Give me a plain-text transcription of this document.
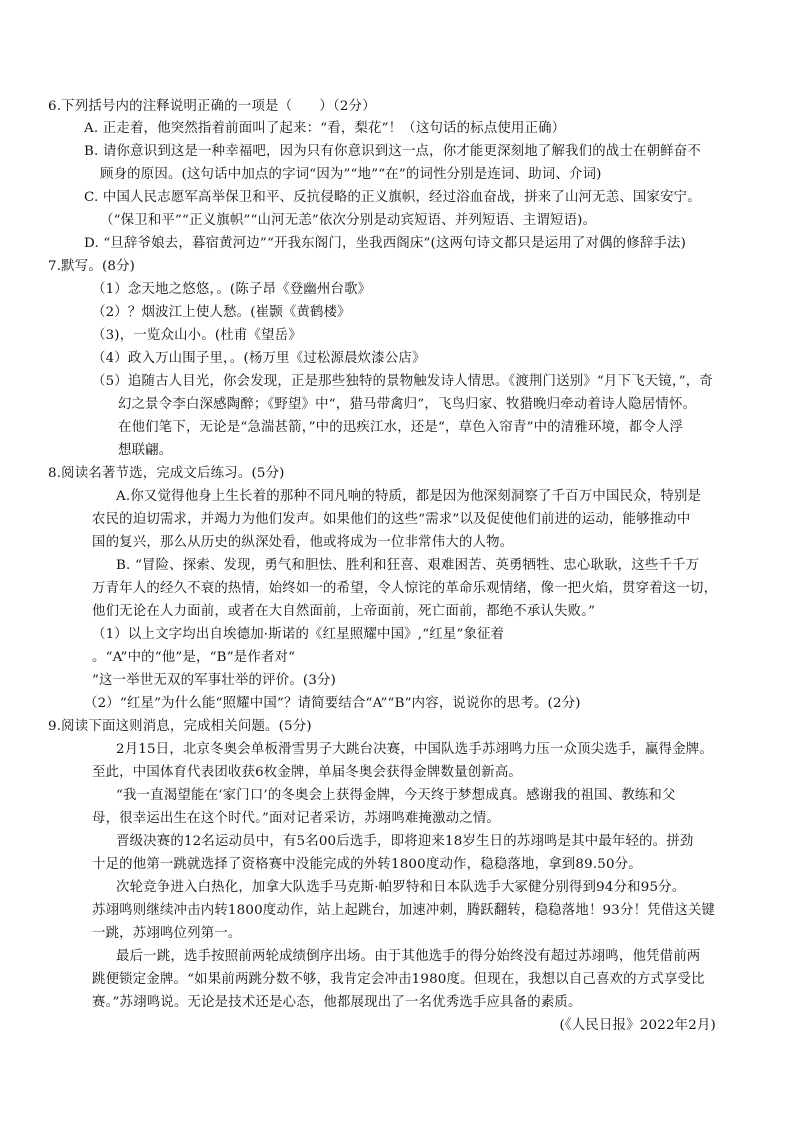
6.下列括号内的注释说明正确的一项是（　　）（2分）
A. 正走着，他突然指着前面叫了起来：“看，梨花”！（这句话的标点使用正确）
B. 请你意识到这是一种幸福吧，因为只有你意识到这一点，你才能更深刻地了解我们的战士在朝鲜奋不
顾身的原因。(这句话中加点的字词“因为”“地”“在”的词性分别是连词、助词、介词)
C. 中国人民志愿军高举保卫和平、反抗侵略的正义旗帜，经过浴血奋战，拼来了山河无恙、国家安宁。
（“保卫和平”“正义旗帜”“山河无恙”依次分别是动宾短语、并列短语、主谓短语)。
D. “旦辞爷娘去，暮宿黄河边”“开我东阁门，坐我西阁床”(这两句诗文都只是运用了对偶的修辞手法)
7.默写。(8分)
（1）念天地之悠悠，。(陈子昂《登幽州台歌》
（2）？烟波江上使人愁。(崔颢《黄鹤楼》
（3)，一览众山小。(杜甫《望岳》
（4）政入万山围子里，。(杨万里《过松源晨炊漆公店》
（5）追随古人目光，你会发现，正是那些独特的景物触发诗人情思。《渡荆门送别》“月下飞天镜，”，奇
幻之景令李白深感陶醉；《野望》中“，猎马带禽归”，飞鸟归家、牧猎晚归牵动着诗人隐居情怀。
在他们笔下，无论是“急湍甚箭，”中的迅疾江水，还是“，草色入帘青”中的清雅环境，都令人浮
想联翩。
8.阅读名著节选，完成文后练习。(5分)
A.你又觉得他身上生长着的那种不同凡响的特质，都是因为他深刻洞察了千百万中国民众，特别是
农民的迫切需求，并竭力为他们发声。如果他们的这些“需求”以及促使他们前进的运动，能够推动中
国的复兴，那么从历史的纵深处看，他或将成为一位非常伟大的人物。
B. “冒险、探索、发现，勇气和胆怯、胜利和狂喜、艰难困苦、英勇牺牲、忠心耿耿，这些千千万
万青年人的经久不衰的热情，始终如一的希望，令人惊诧的革命乐观情绪，像一把火焰，贯穿着这一切，
他们无论在人力面前，或者在大自然面前，上帝面前，死亡面前，都绝不承认失败。”
（1）以上文字均出自埃德加·斯诺的《红星照耀中国》,“红星”象征着
。“A”中的“他”是，“B”是作者对“
”这一举世无双的军事壮举的评价。(3分)
（2）“红星”为什么能“照耀中国”？请简要结合“A”“B”内容，说说你的思考。(2分)
9.阅读下面这则消息，完成相关问题。(5分)
2月15日，北京冬奥会单板滑雪男子大跳台决赛，中国队选手苏翊鸣力压一众顶尖选手，赢得金牌。
至此，中国体育代表团收获6枚金牌，单届冬奥会获得金牌数量创新高。
“我一直渴望能在‘家门口’的冬奥会上获得金牌，今天终于梦想成真。感谢我的祖国、教练和父
母，很幸运出生在这个时代。”面对记者采访，苏翊鸣难掩激动之情。
晋级决赛的12名运动员中，有5名00后选手，即将迎来18岁生日的苏翊鸣是其中最年轻的。拼劲
十足的他第一跳就选择了资格赛中没能完成的外转1800度动作，稳稳落地，拿到89.50分。
次轮竞争进入白热化，加拿大队选手马克斯·帕罗特和日本队选手大冢健分别得到94分和95分。
苏翊鸣则继续冲击内转1800度动作，站上起跳台，加速冲刺，腾跃翻转，稳稳落地！93分！凭借这关键
一跳，苏翊鸣位列第一。
最后一跳，选手按照前两轮成绩倒序出场。由于其他选手的得分始终没有超过苏翊鸣，他凭借前两
跳便锁定金牌。“如果前两跳分数不够，我肯定会冲击1980度。但现在，我想以自己喜欢的方式享受比
赛。”苏翊鸣说。无论是技术还是心态，他都展现出了一名优秀选手应具备的素质。
(《人民日报》2022年2月)
